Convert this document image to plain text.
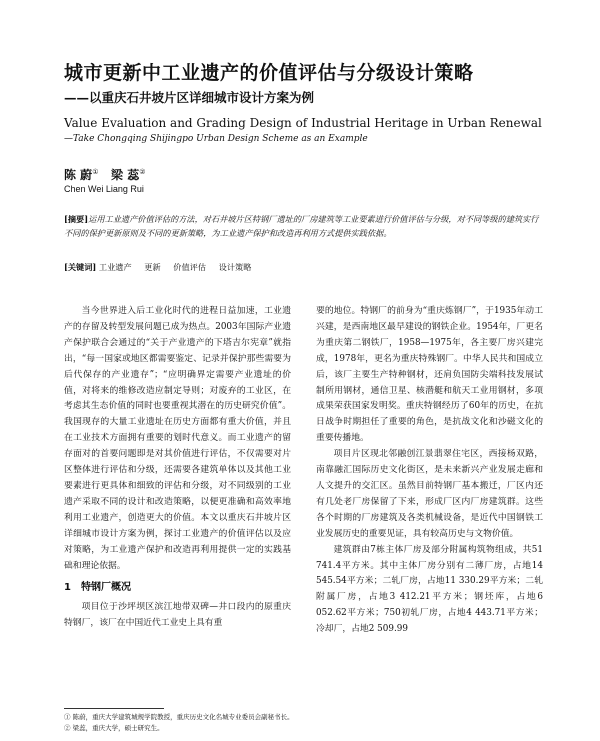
城市更新中工业遗产的价值评估与分级设计策略
——以重庆石井坡片区详细城市设计方案为例
Value Evaluation and Grading Design of Industrial Heritage in Urban Renewal
—Take Chongqing Shijingpo Urban Design Scheme as an Example
陈 蔚① 梁 蕊②
Chen Wei Liang Rui
[摘要]运用工业遗产价值评估的方法，对石井坡片区特钢厂遗址的厂房建筑等工业要素进行价值评估与分级，对不同等级的建筑实行不同的保护更新原则及不同的更新策略，为工业遗产保护和改造再利用方式提供实践依据。
[关键词] 工业遗产 更新 价值评估 设计策略

当今世界进入后工业化时代的进程日益加速，工业遗产的存留及转型发展问题已成为热点。2003年国际产业遗产保护联合会通过的“关于产业遗产的下塔吉尔宪章”就指出，“每一国家或地区都需要鉴定、记录并保护那些需要为后代保存的产业遗存”；“应明确界定需要产业遗址的价值，对将来的维修改造应制定导则；对废弃的工业区，在考虑其生态价值的同时也要重视其潜在的历史研究价值”。我国现存的大量工业遗址在历史方面都有重大价值，并且在工业技术方面拥有重要的划时代意义。而工业遗产的留存面对的首要问题即是对其价值进行评估，不仅需要对片区整体进行评估和分级，还需要各建筑单体以及其他工业要素进行更具体和细致的评估和分级，对不同级别的工业遗产采取不同的设计和改造策略，以便更准确和高效率地利用工业遗产，创造更大的价值。本文以重庆石井坡片区详细城市设计方案为例，探讨工业遗产的价值评估以及应对策略，为工业遗产保护和改造再利用提供一定的实践基础和理论依据。

1　特钢厂概况

项目位于沙坪坝区滨江地带双碑—井口段内的原重庆特钢厂，该厂在中国近代工业史上具有重

要的地位。特钢厂的前身为“重庆炼钢厂”，于1935年动工兴建，是西南地区最早建设的钢铁企业。1954年，厂更名为重庆第二钢铁厂，1958—1975年，各主要厂房兴建完成，1978年，更名为重庆特殊钢厂。中华人民共和国成立后，该厂主要生产特种钢材，还肩负国防尖端科技发展试制所用钢材，通信卫星、核潜艇和航天工业用钢材，多项成果荣获国家发明奖。重庆特钢经历了60年的历史，在抗日战争时期担任了重要的角色，是抗战文化和沙磁文化的重要传播地。

项目片区现北邻融创江景翡翠住宅区，西接杨双路，南靠融汇国际历史文化街区，是未来新兴产业发展走廊和人文提升的交汇区。虽然目前特钢厂基本搬迁，厂区内还有几处老厂房保留了下来，形成厂区内厂房建筑群。这些各个时期的厂房建筑及各类机械设备，是近代中国钢铁工业发展历史的重要见证，具有较高历史与文物价值。

建筑群由7栋主体厂房及部分附属构筑物组成，共51 741.4平方米。其中主体厂房分别有二薄厂房，占地14 545.54平方米；二轧厂房，占地11 330.29平方米；二轧附属厂房，占地3 412.21平方米；钢坯库，占地6 052.62平方米；750初轧厂房，占地4 443.71平方米；冷却厂，占地2 509.99

① 陈蔚，重庆大学建筑城规学院教授，重庆历史文化名城专业委员会副秘书长。
② 梁蕊，重庆大学，硕士研究生。
